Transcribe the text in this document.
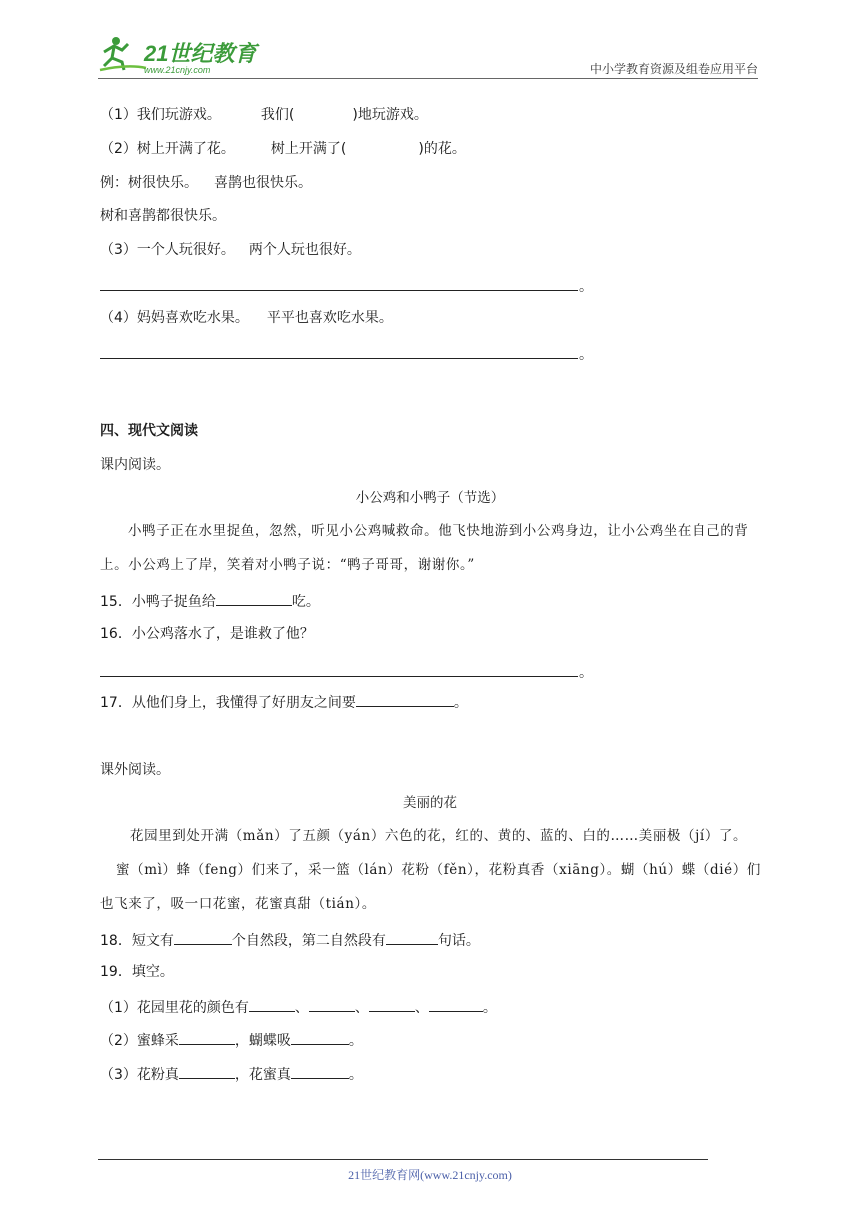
21世纪教育
www.21cnjy.com	中小学教育资源及组卷应用平台
（1）我们玩游戏。	我们(	)地玩游戏。
（2）树上开满了花。	树上开满了(	)的花。
例：树很快乐。 喜鹊也很快乐。
树和喜鹊都很快乐。
（3）一个人玩很好。 两个人玩也很好。
。
（4）妈妈喜欢吃水果。 平平也喜欢吃水果。
。
四、现代文阅读
课内阅读。
小公鸡和小鸭子（节选）
小鸭子正在水里捉鱼，忽然，听见小公鸡喊救命。他飞快地游到小公鸡身边，让小公鸡坐在自己的背上。小公鸡上了岸，笑着对小鸭子说：“鸭子哥哥，谢谢你。”
15．小鸭子捉鱼给	吃。
16．小公鸡落水了，是谁救了他？
。
17．从他们身上，我懂得了好朋友之间要	。
课外阅读。
美丽的花
花园里到处开满（mǎn）了五颜（yán）六色的花，红的、黄的、蓝的、白的……美丽极（jí）了。
蜜（mì）蜂（feng）们来了，采一篮（lán）花粉（fěn），花粉真香（xiāng）。蝴（hú）蝶（dié）们也飞来了，吸一口花蜜，花蜜真甜（tián）。
18．短文有	个自然段，第二自然段有	句话。
19．填空。
（1）花园里花的颜色有	、	、	、	。
（2）蜜蜂采	，蝴蝶吸	。
（3）花粉真	，花蜜真	。
21世纪教育网(www.21cnjy.com)
